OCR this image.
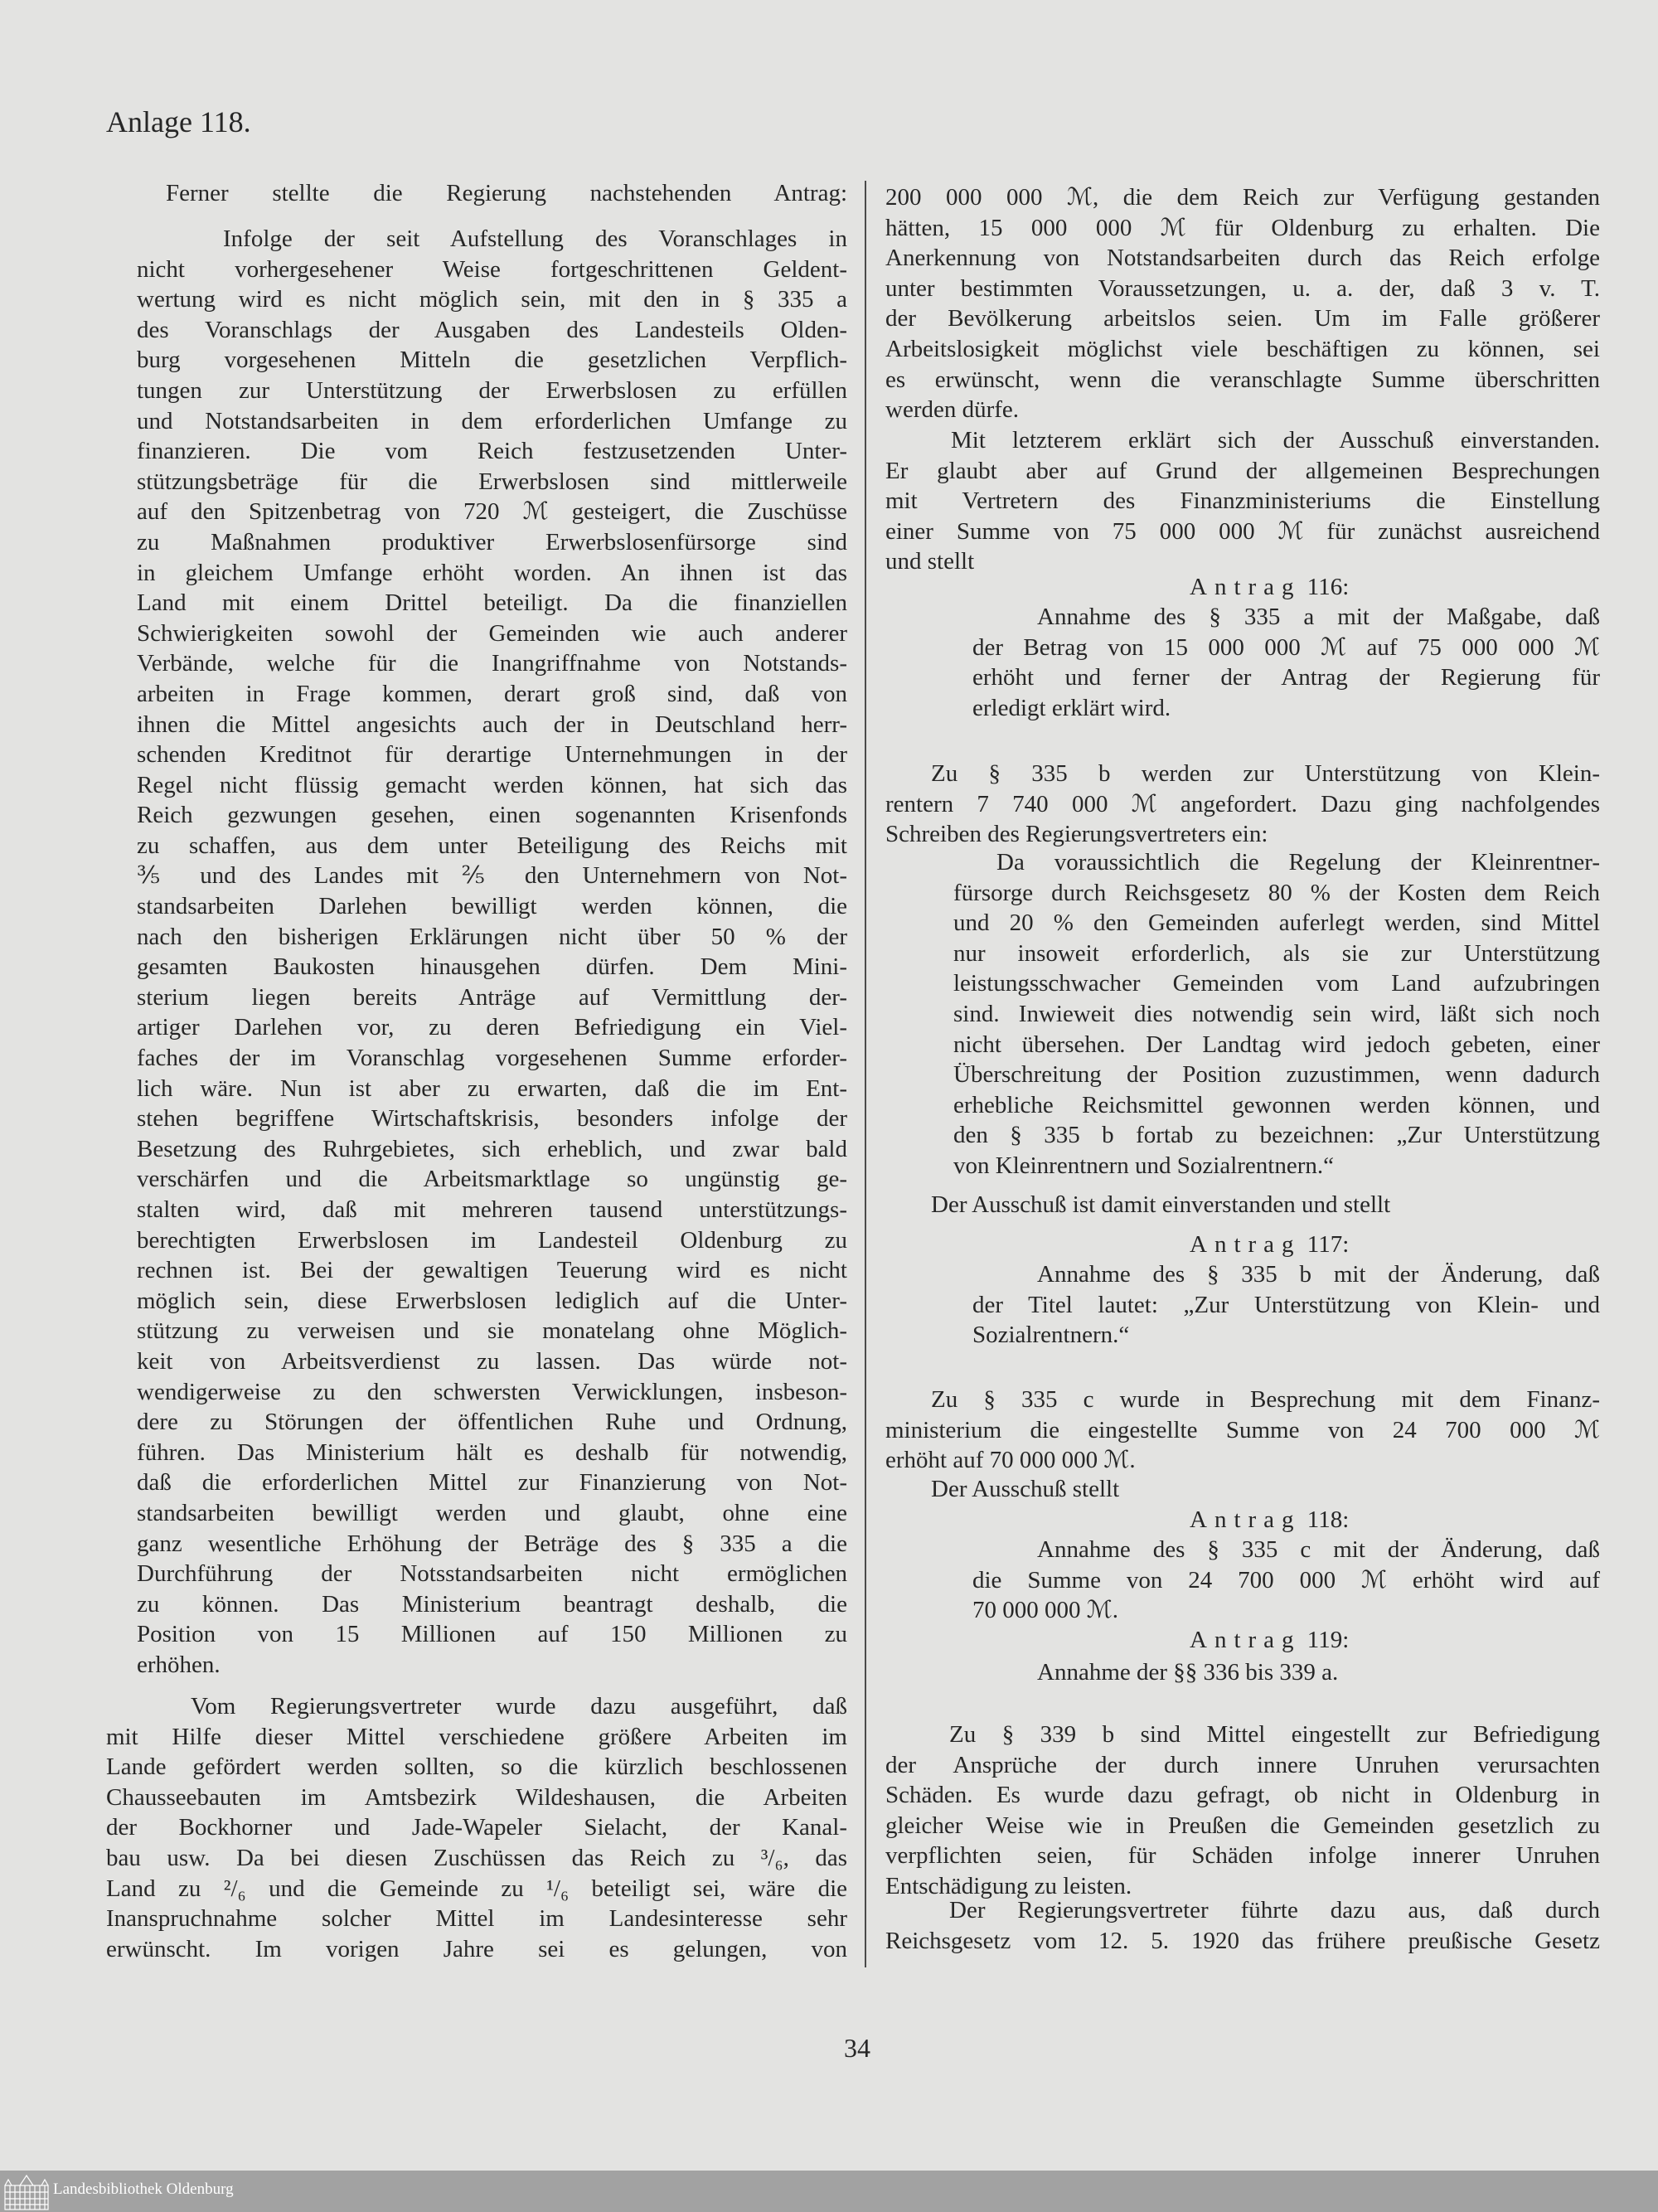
Anlage 118.
Ferner stellte die Regierung nachstehenden Antrag:
Infolge der seit Aufstellung des Voranschlages in
nicht vorhergesehener Weise fortgeschrittenen Geldent-
wertung wird es nicht möglich sein, mit den in § 335 a
des Voranschlags der Ausgaben des Landesteils Olden-
burg vorgesehenen Mitteln die gesetzlichen Verpflich-
tungen zur Unterstützung der Erwerbslosen zu erfüllen
und Notstandsarbeiten in dem erforderlichen Umfange zu
finanzieren. Die vom Reich festzusetzenden Unter-
stützungsbeträge für die Erwerbslosen sind mittlerweile
auf den Spitzenbetrag von 720 ℳ gesteigert, die Zuschüsse
zu Maßnahmen produktiver Erwerbslosenfürsorge sind
in gleichem Umfange erhöht worden. An ihnen ist das
Land mit einem Drittel beteiligt. Da die finanziellen
Schwierigkeiten sowohl der Gemeinden wie auch anderer
Verbände, welche für die Inangriffnahme von Notstands-
arbeiten in Frage kommen, derart groß sind, daß von
ihnen die Mittel angesichts auch der in Deutschland herr-
schenden Kreditnot für derartige Unternehmungen in der
Regel nicht flüssig gemacht werden können, hat sich das
Reich gezwungen gesehen, einen sogenannten Krisenfonds
zu schaffen, aus dem unter Beteiligung des Reichs mit
⅗ und des Landes mit ⅖ den Unternehmern von Not-
standsarbeiten Darlehen bewilligt werden können, die
nach den bisherigen Erklärungen nicht über 50 % der
gesamten Baukosten hinausgehen dürfen. Dem Mini-
sterium liegen bereits Anträge auf Vermittlung der-
artiger Darlehen vor, zu deren Befriedigung ein Viel-
faches der im Voranschlag vorgesehenen Summe erforder-
lich wäre. Nun ist aber zu erwarten, daß die im Ent-
stehen begriffene Wirtschaftskrisis, besonders infolge der
Besetzung des Ruhrgebietes, sich erheblich, und zwar bald
verschärfen und die Arbeitsmarktlage so ungünstig ge-
stalten wird, daß mit mehreren tausend unterstützungs-
berechtigten Erwerbslosen im Landesteil Oldenburg zu
rechnen ist. Bei der gewaltigen Teuerung wird es nicht
möglich sein, diese Erwerbslosen lediglich auf die Unter-
stützung zu verweisen und sie monatelang ohne Möglich-
keit von Arbeitsverdienst zu lassen. Das würde not-
wendigerweise zu den schwersten Verwicklungen, insbeson-
dere zu Störungen der öffentlichen Ruhe und Ordnung,
führen. Das Ministerium hält es deshalb für notwendig,
daß die erforderlichen Mittel zur Finanzierung von Not-
standsarbeiten bewilligt werden und glaubt, ohne eine
ganz wesentliche Erhöhung der Beträge des § 335 a die
Durchführung der Notsstandsarbeiten nicht ermöglichen
zu können. Das Ministerium beantragt deshalb, die
Position von 15 Millionen auf 150 Millionen zu
erhöhen.
Vom Regierungsvertreter wurde dazu ausgeführt, daß
mit Hilfe dieser Mittel verschiedene größere Arbeiten im
Lande gefördert werden sollten, so die kürzlich beschlossenen
Chausseebauten im Amtsbezirk Wildeshausen, die Arbeiten
der Bockhorner und Jade-Wapeler Sielacht, der Kanal-
bau usw. Da bei diesen Zuschüssen das Reich zu ³/₆, das
Land zu ²/₆ und die Gemeinde zu ¹/₆ beteiligt sei, wäre die
Inanspruchnahme solcher Mittel im Landesinteresse sehr
erwünscht. Im vorigen Jahre sei es gelungen, von
200 000 000 ℳ, die dem Reich zur Verfügung gestanden
hätten, 15 000 000 ℳ für Oldenburg zu erhalten. Die
Anerkennung von Notstandsarbeiten durch das Reich erfolge
unter bestimmten Voraussetzungen, u. a. der, daß 3 v. T.
der Bevölkerung arbeitslos seien. Um im Falle größerer
Arbeitslosigkeit möglichst viele beschäftigen zu können, sei
es erwünscht, wenn die veranschlagte Summe überschritten
werden dürfe.
Mit letzterem erklärt sich der Ausschuß einverstanden.
Er glaubt aber auf Grund der allgemeinen Besprechungen
mit Vertretern des Finanzministeriums die Einstellung
einer Summe von 75 000 000 ℳ für zunächst ausreichend
und stellt
Antrag 116:
Annahme des § 335 a mit der Maßgabe, daß
der Betrag von 15 000 000 ℳ auf 75 000 000 ℳ
erhöht und ferner der Antrag der Regierung für
erledigt erklärt wird.
Zu § 335 b werden zur Unterstützung von Klein-
rentern 7 740 000 ℳ angefordert. Dazu ging nachfolgendes
Schreiben des Regierungsvertreters ein:
Da voraussichtlich die Regelung der Kleinrentner-
fürsorge durch Reichsgesetz 80 % der Kosten dem Reich
und 20 % den Gemeinden auferlegt werden, sind Mittel
nur insoweit erforderlich, als sie zur Unterstützung
leistungsschwacher Gemeinden vom Land aufzubringen
sind. Inwieweit dies notwendig sein wird, läßt sich noch
nicht übersehen. Der Landtag wird jedoch gebeten, einer
Überschreitung der Position zuzustimmen, wenn dadurch
erhebliche Reichsmittel gewonnen werden können, und
den § 335 b fortab zu bezeichnen: „Zur Unterstützung
von Kleinrentnern und Sozialrentnern.“
Der Ausschuß ist damit einverstanden und stellt
Antrag 117:
Annahme des § 335 b mit der Änderung, daß
der Titel lautet: „Zur Unterstützung von Klein- und
Sozialrentnern.“
Zu § 335 c wurde in Besprechung mit dem Finanz-
ministerium die eingestellte Summe von 24 700 000 ℳ
erhöht auf 70 000 000 ℳ.
Der Ausschuß stellt
Antrag 118:
Annahme des § 335 c mit der Änderung, daß
die Summe von 24 700 000 ℳ erhöht wird auf
70 000 000 ℳ.
Antrag 119:
Annahme der §§ 336 bis 339 a.
Zu § 339 b sind Mittel eingestellt zur Befriedigung
der Ansprüche der durch innere Unruhen verursachten
Schäden. Es wurde dazu gefragt, ob nicht in Oldenburg in
gleicher Weise wie in Preußen die Gemeinden gesetzlich zu
verpflichten seien, für Schäden infolge innerer Unruhen
Entschädigung zu leisten.
Der Regierungsvertreter führte dazu aus, daß durch
Reichsgesetz vom 12. 5. 1920 das frühere preußische Gesetz
34
Landesbibliothek Oldenburg
